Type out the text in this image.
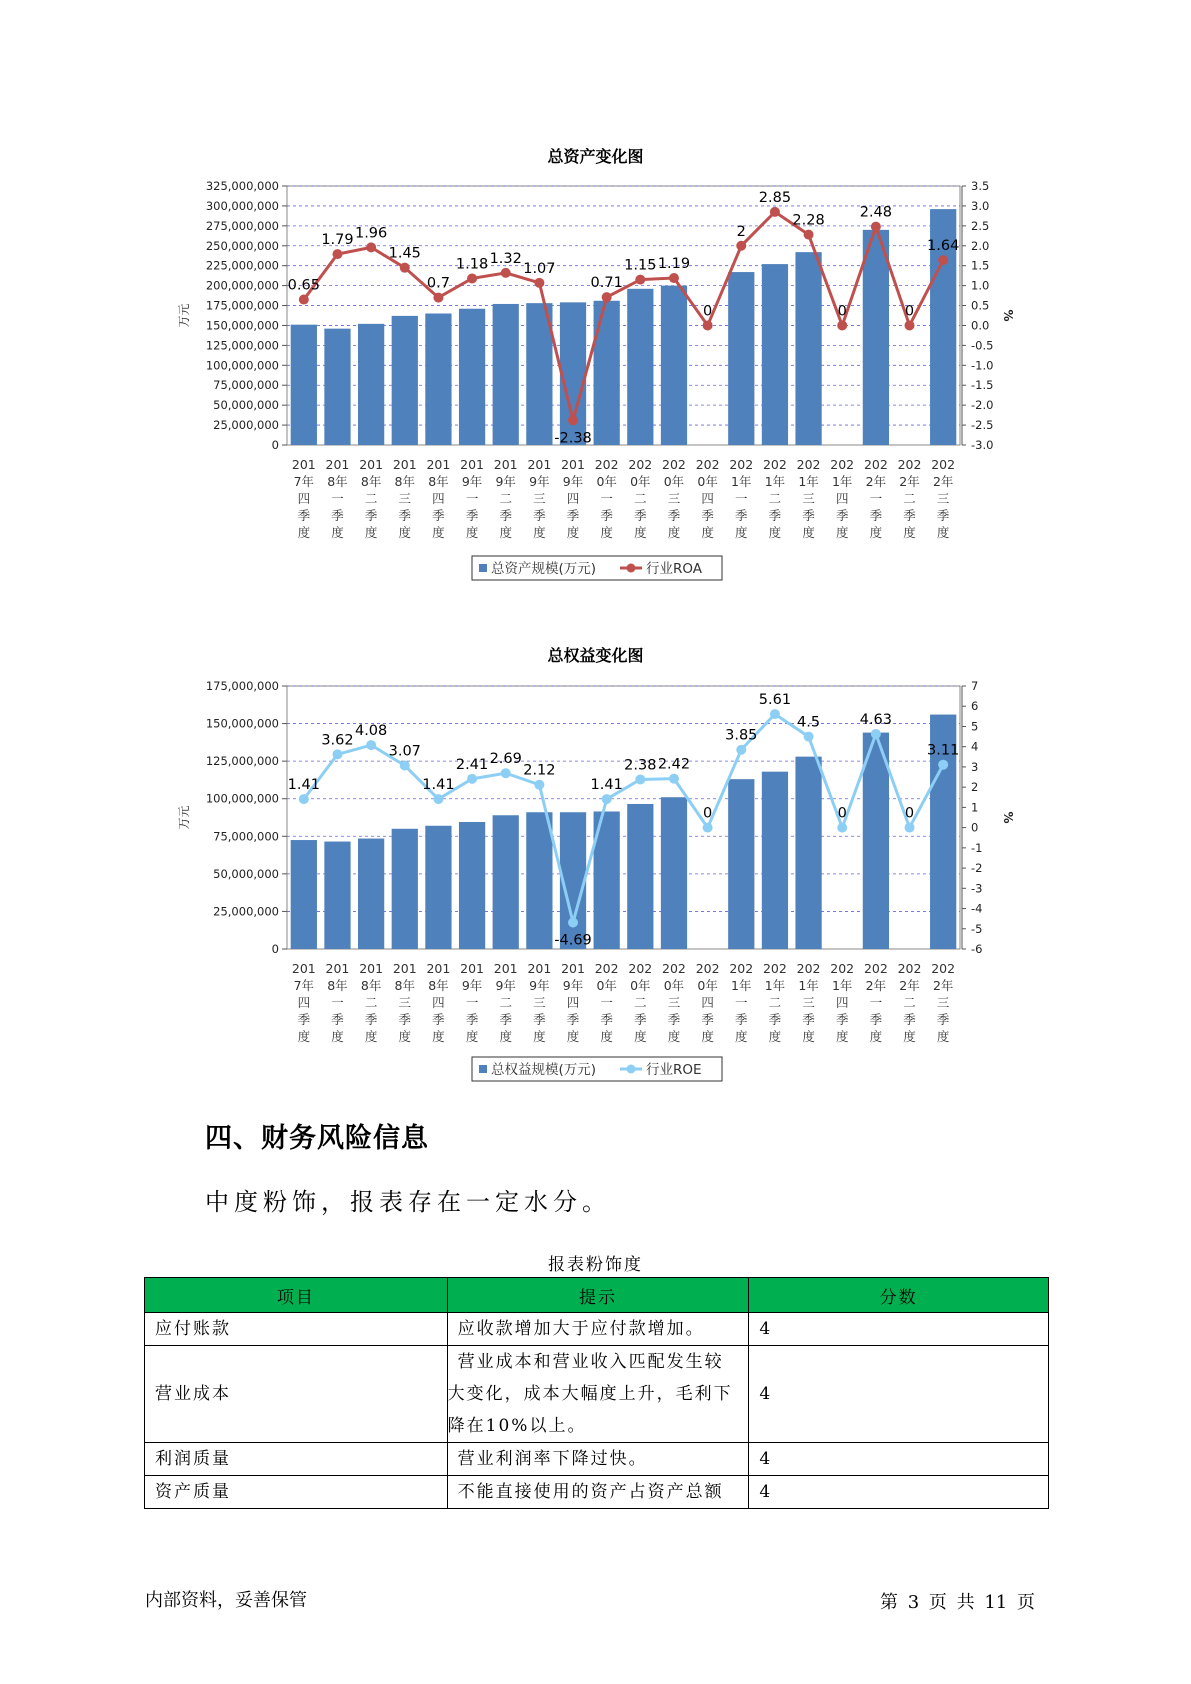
总资产变化图
0
25,000,000
50,000,000
75,000,000
100,000,000
125,000,000
150,000,000
175,000,000
200,000,000
225,000,000
250,000,000
275,000,000
300,000,000
325,000,000
-3.0
-2.5
-2.0
-1.5
-1.0
-0.5
0.0
0.5
1.0
1.5
2.0
2.5
3.0
3.5
万元	%
0.65
1.79 1.96
1.45
0.7
1.18 1.32
1.07
-2.38
0.71
1.15 1.19
0
2
2.85
2.28
0
2.48
0
1.64
201 7年四季度
201 8年一季度
201 8年二季度
201 8年三季度
201 8年四季度
201 9年一季度
201 9年二季度
201 9年三季度
201 9年四季度
202 0年一季度
202 0年二季度
202 0年三季度
202 0年四季度
202 1年一季度
202 1年二季度
202 1年三季度
202 1年四季度
202 2年一季度
202 2年二季度
202 2年三季度
总资产规模(万元)	行业ROA
总权益变化图
0
25,000,000
50,000,000
75,000,000
100,000,000
125,000,000
150,000,000
175,000,000
-6
-5
-4
-3
-2
-1
0
1
2
3
4
5
6
7
万元	%
1.41
3.62
4.08
3.07
1.41
2.41 2.69
2.12
-4.69
1.41
2.38 2.42
0
3.85
5.61
4.5
0
4.63
0
3.11
201 7年四季度
201 8年一季度
201 8年二季度
201 8年三季度
201 8年四季度
201 9年一季度
201 9年二季度
201 9年三季度
201 9年四季度
202 0年一季度
202 0年二季度
202 0年三季度
202 0年四季度
202 1年一季度
202 1年二季度
202 1年三季度
202 1年四季度
202 2年一季度
202 2年二季度
202 2年三季度
总权益规模(万元)	行业ROE
四、财务风险信息
中度粉饰，报表存在一定水分。
报表粉饰度
项目	提示	分数
应付账款	应收款增加大于应付款增加。	4
营业成本	营业成本和营业收入匹配发生较
大变化，成本大幅度上升，毛利下
降在10%以上。	4
利润质量	营业利润率下降过快。	4
资产质量	不能直接使用的资产占资产总额	4
内部资料，妥善保管	第 3 页 共 11 页
